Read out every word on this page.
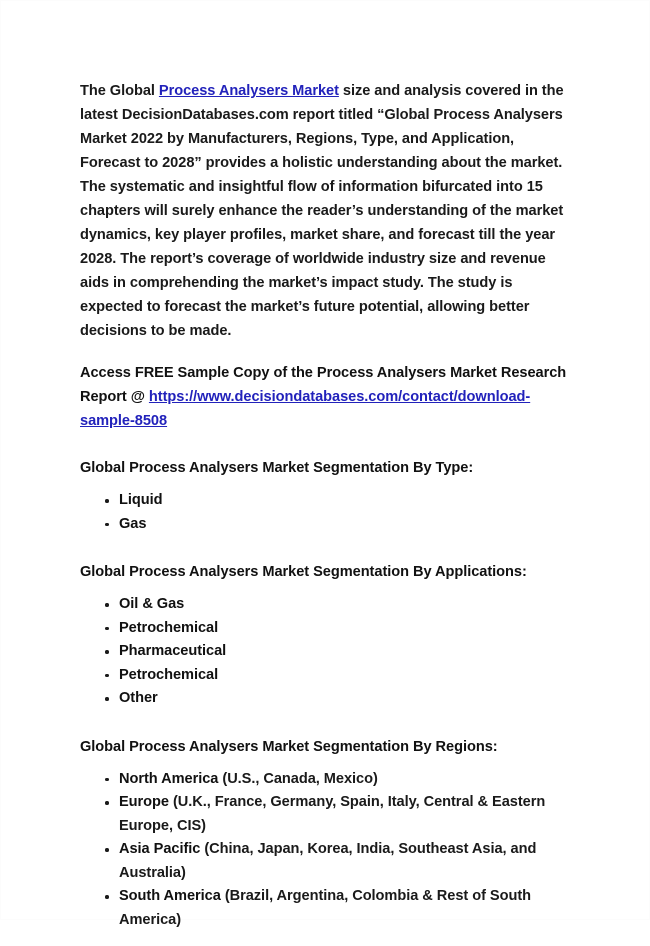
The Global Process Analysers Market size and analysis covered in the latest DecisionDatabases.com report titled “Global Process Analysers Market 2022 by Manufacturers, Regions, Type, and Application, Forecast to 2028” provides a holistic understanding about the market. The systematic and insightful flow of information bifurcated into 15 chapters will surely enhance the reader’s understanding of the market dynamics, key player profiles, market share, and forecast till the year 2028. The report’s coverage of worldwide industry size and revenue aids in comprehending the market’s impact study. The study is expected to forecast the market’s future potential, allowing better decisions to be made.

Access FREE Sample Copy of the Process Analysers Market Research Report @ https://www.decisiondatabases.com/contact/download-sample-8508

Global Process Analysers Market Segmentation By Type:

Liquid
Gas

Global Process Analysers Market Segmentation By Applications:

Oil & Gas
Petrochemical
Pharmaceutical
Petrochemical
Other

Global Process Analysers Market Segmentation By Regions:

North America (U.S., Canada, Mexico)
Europe (U.K., France, Germany, Spain, Italy, Central & Eastern Europe, CIS)
Asia Pacific (China, Japan, Korea, India, Southeast Asia, and Australia)
South America (Brazil, Argentina, Colombia & Rest of South America)
